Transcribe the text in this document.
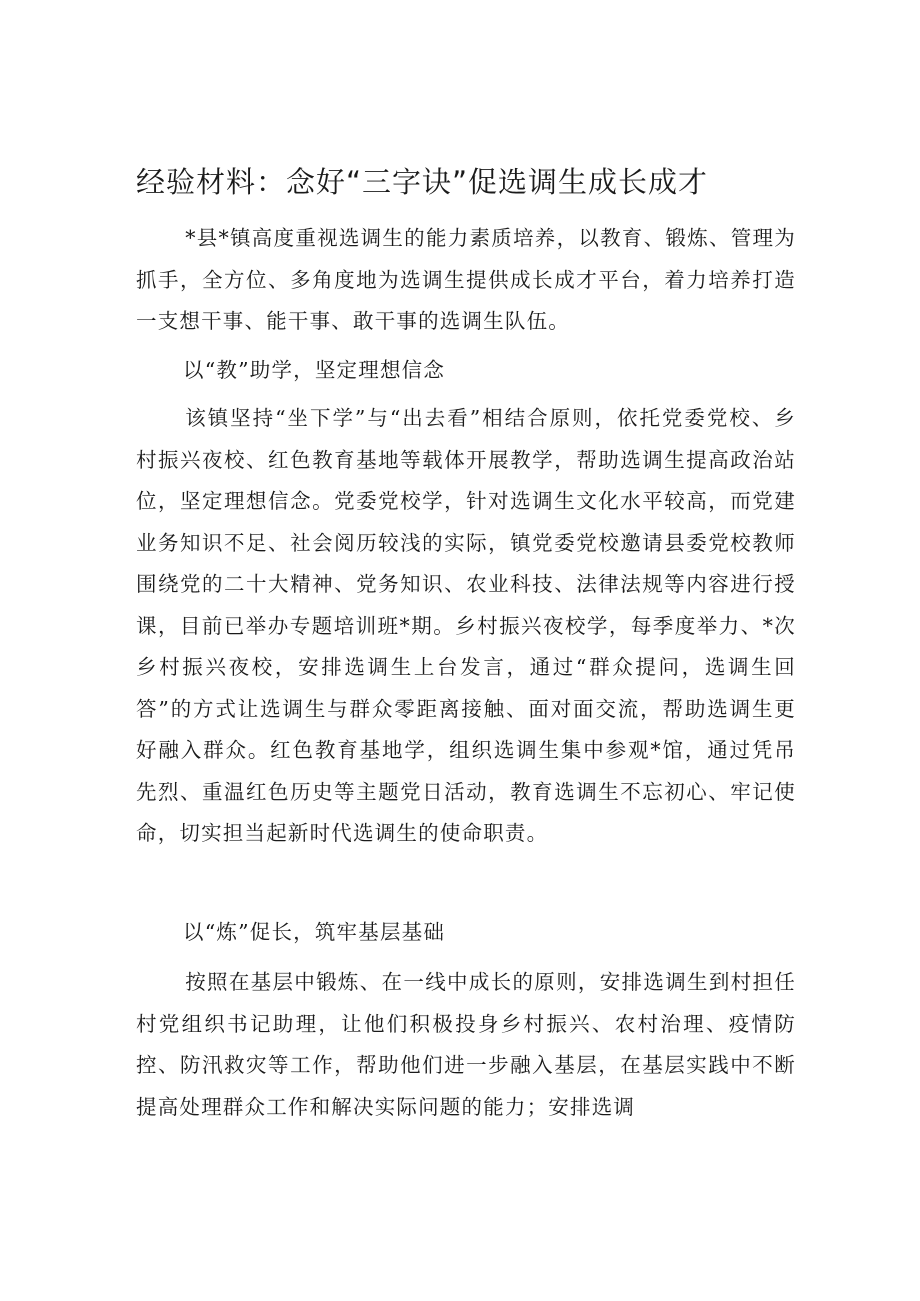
经验材料：念好“三字诀”促选调生成长成才

*县*镇高度重视选调生的能力素质培养，以教育、锻炼、管理为抓手，全方位、多角度地为选调生提供成长成才平台，着力培养打造一支想干事、能干事、敢干事的选调生队伍。

以“教”助学，坚定理想信念

该镇坚持“坐下学”与“出去看”相结合原则，依托党委党校、乡村振兴夜校、红色教育基地等载体开展教学，帮助选调生提高政治站位，坚定理想信念。党委党校学，针对选调生文化水平较高，而党建业务知识不足、社会阅历较浅的实际，镇党委党校邀请县委党校教师围绕党的二十大精神、党务知识、农业科技、法律法规等内容进行授课，目前已举办专题培训班*期。乡村振兴夜校学，每季度举力、*次乡村振兴夜校，安排选调生上台发言，通过“群众提问，选调生回答”的方式让选调生与群众零距离接触、面对面交流，帮助选调生更好融入群众。红色教育基地学，组织选调生集中参观*馆，通过凭吊先烈、重温红色历史等主题党日活动，教育选调生不忘初心、牢记使命，切实担当起新时代选调生的使命职责。

以“炼”促长，筑牢基层基础

按照在基层中锻炼、在一线中成长的原则，安排选调生到村担任村党组织书记助理，让他们积极投身乡村振兴、农村治理、疫情防控、防汛救灾等工作，帮助他们进一步融入基层，在基层实践中不断提高处理群众工作和解决实际问题的能力；安排选调
